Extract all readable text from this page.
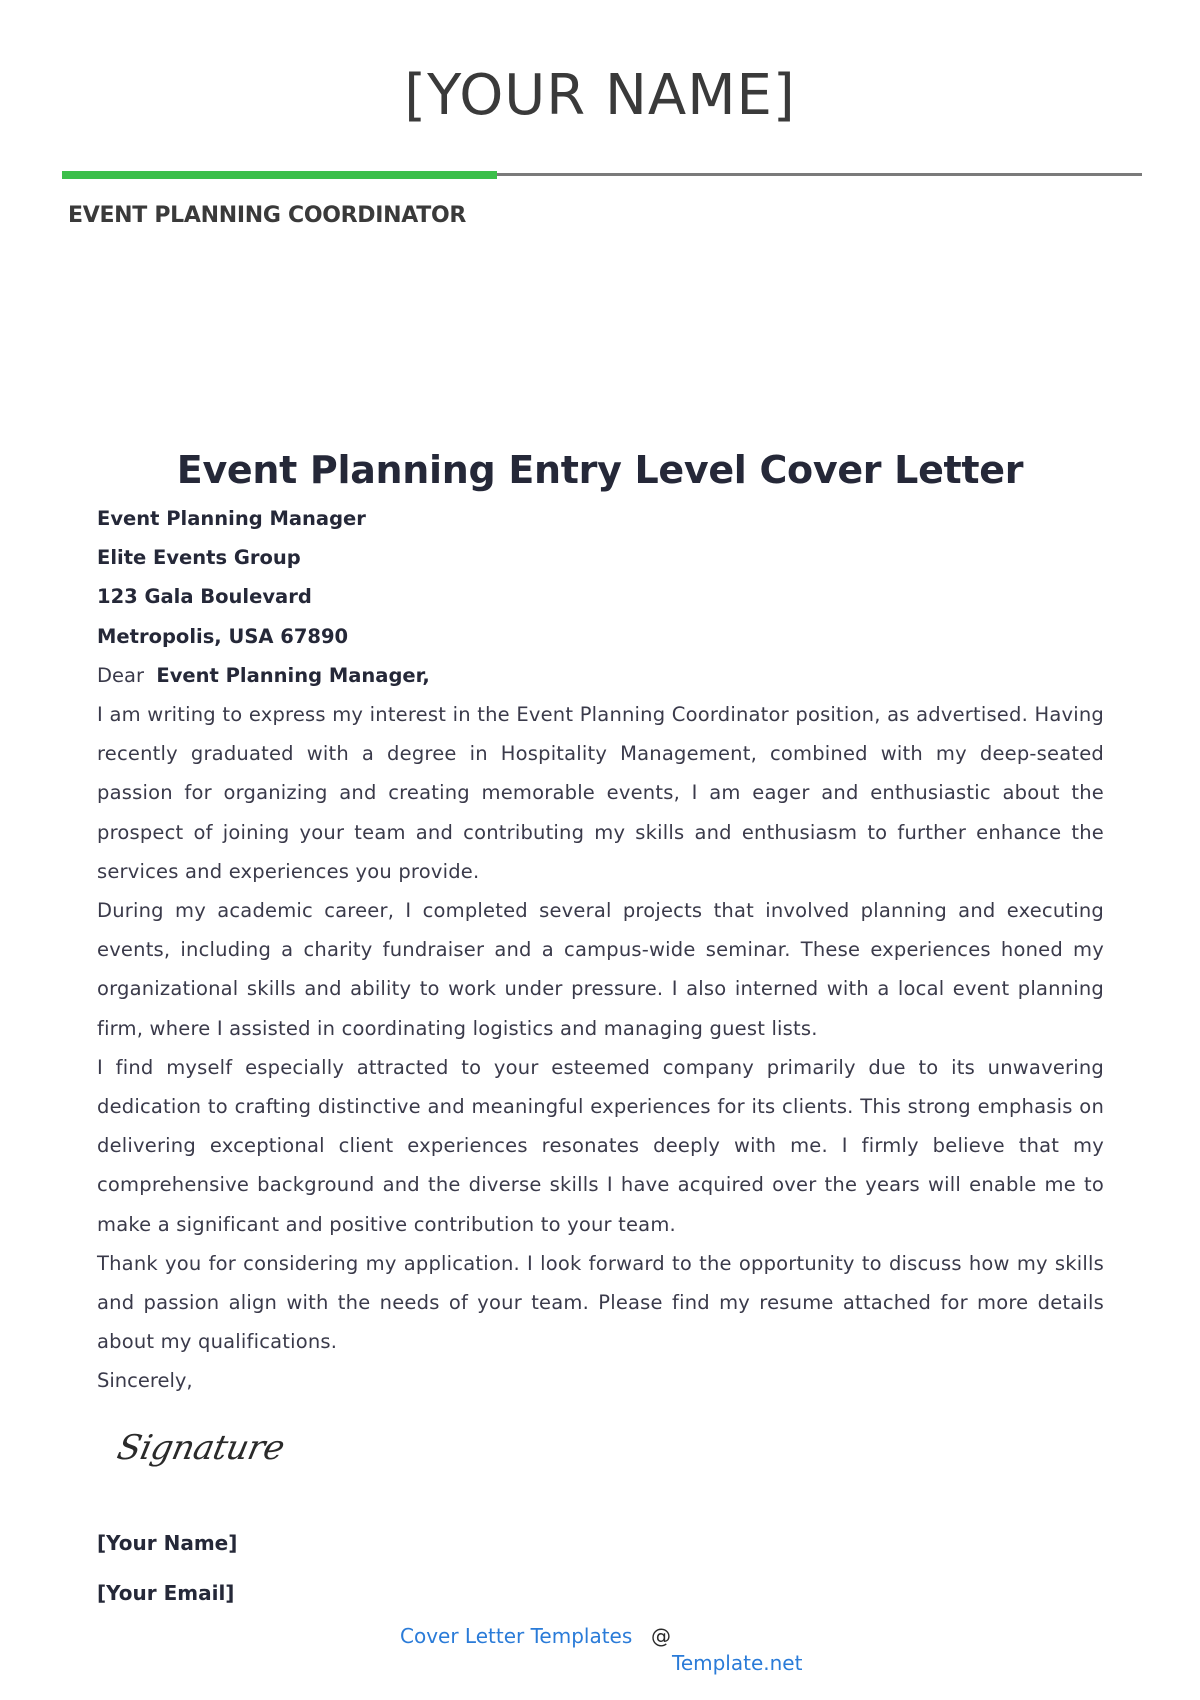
[YOUR NAME]
EVENT PLANNING COORDINATOR
Event Planning Entry Level Cover Letter

Event Planning Manager

Elite Events Group

123 Gala Boulevard

Metropolis, USA 67890

Dear Event Planning Manager,

I am writing to express my interest in the Event Planning Coordinator position, as advertised. Having recently graduated with a degree in Hospitality Management, combined with my deep-seated passion for organizing and creating memorable events, I am eager and enthusiastic about the prospect of joining your team and contributing my skills and enthusiasm to further enhance the services and experiences you provide.

During my academic career, I completed several projects that involved planning and executing events, including a charity fundraiser and a campus-wide seminar. These experiences honed my organizational skills and ability to work under pressure. I also interned with a local event planning firm, where I assisted in coordinating logistics and managing guest lists.

I find myself especially attracted to your esteemed company primarily due to its unwavering dedication to crafting distinctive and meaningful experiences for its clients. This strong emphasis on delivering exceptional client experiences resonates deeply with me. I firmly believe that my comprehensive background and the diverse skills I have acquired over the years will enable me to make a significant and positive contribution to your team.

Thank you for considering my application. I look forward to the opportunity to discuss how my skills and passion align with the needs of your team. Please find my resume attached for more details about my qualifications.

Sincerely,

Signature

[Your Name]

[Your Email]

Cover Letter Templates @
Template.net
